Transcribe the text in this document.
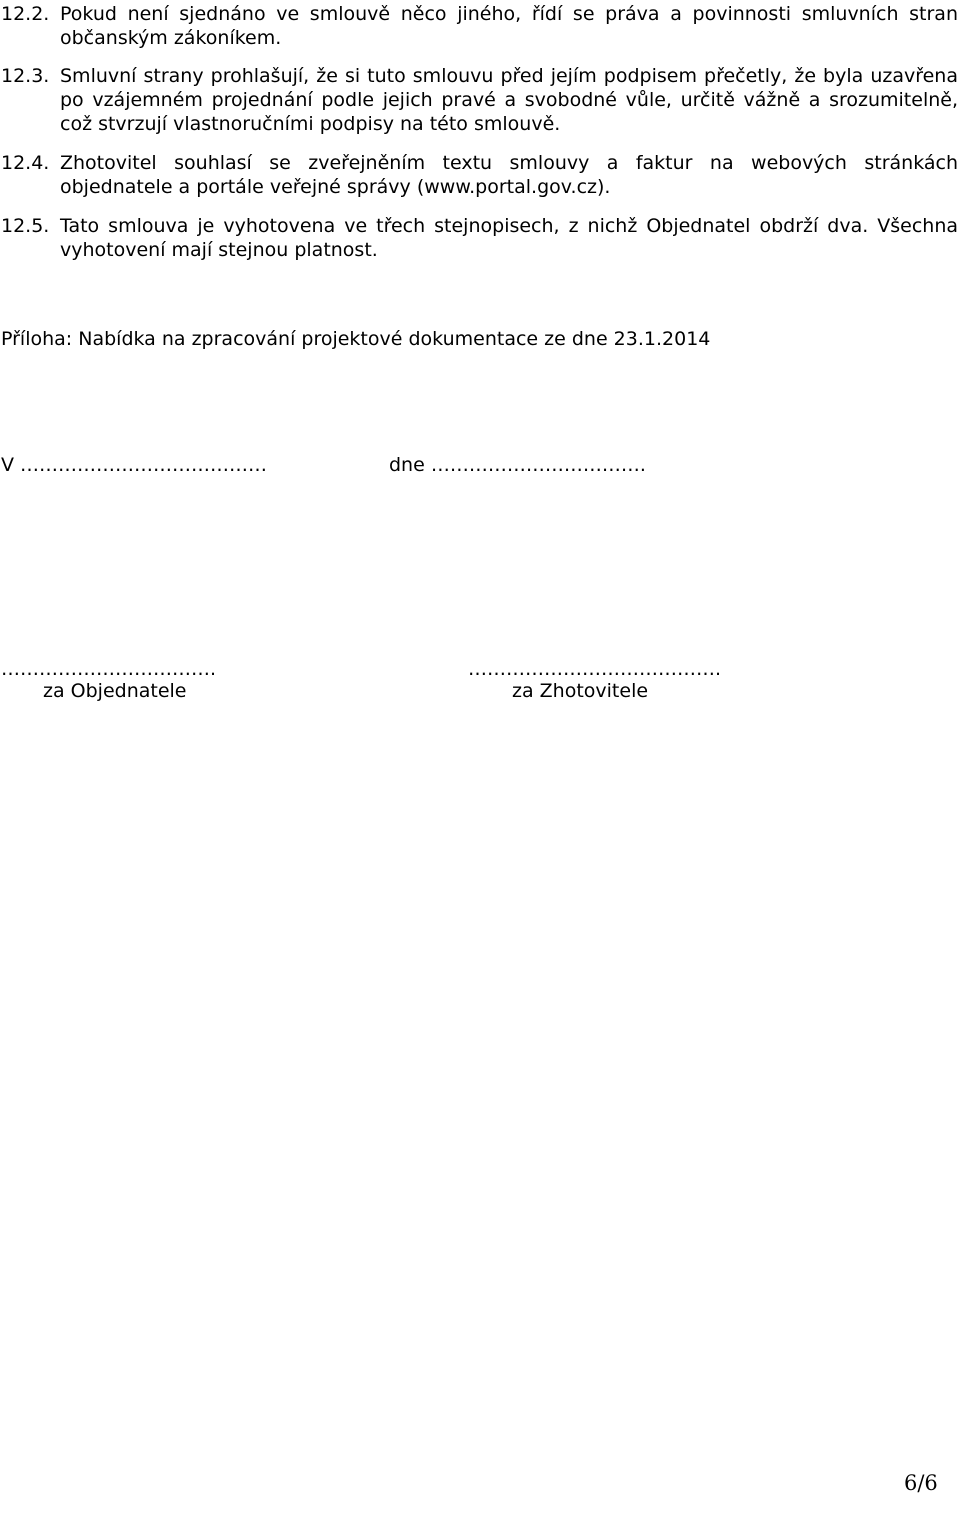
12.2. Pokud není sjednáno ve smlouvě něco jiného, řídí se práva a povinnosti smluvních stran občanským zákoníkem.
12.3. Smluvní strany prohlašují, že si tuto smlouvu před jejím podpisem přečetly, že byla uzavřena po vzájemném projednání podle jejich pravé a svobodné vůle, určitě vážně a srozumitelně, což stvrzují vlastnoručními podpisy na této smlouvě.
12.4. Zhotovitel souhlasí se zveřejněním textu smlouvy a faktur na webových stránkách objednatele a portále veřejné správy (www.portal.gov.cz).
12.5. Tato smlouva je vyhotovena ve třech stejnopisech, z nichž Objednatel obdrží dva. Všechna vyhotovení mají stejnou platnost.
Příloha: Nabídka na zpracování projektové dokumentace ze dne 23.1.2014
V …………………………………	dne …………………………….
…………………………….	………………………………….
za Objednatele	za Zhotovitele
6/6
